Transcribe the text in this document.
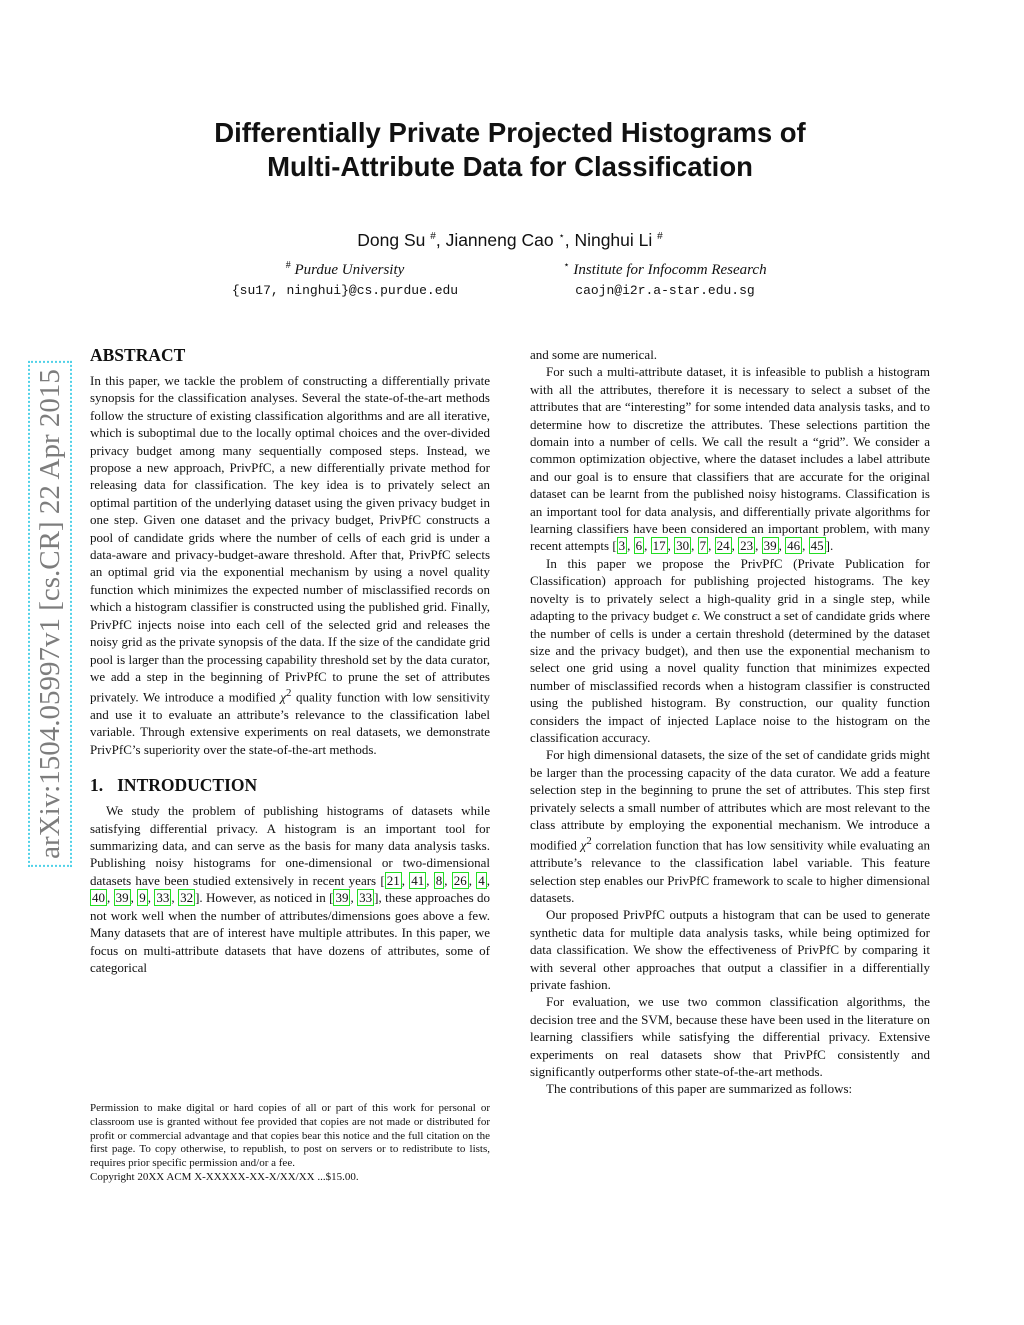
Differentially Private Projected Histograms of
Multi-Attribute Data for Classification
Dong Su #, Jianneng Cao ⋆, Ninghui Li #
# Purdue University
{su17, ninghui}@cs.purdue.edu
⋆ Institute for Infocomm Research
caojn@i2r.a-star.edu.sg
arXiv:1504.05997v1 [cs.CR] 22 Apr 2015
ABSTRACT

In this paper, we tackle the problem of constructing a differentially private synopsis for the classification analyses. Several the state-of-the-art methods follow the structure of existing classification algorithms and are all iterative, which is suboptimal due to the locally optimal choices and the over-divided privacy budget among many sequentially composed steps. Instead, we propose a new approach, PrivPfC, a new differentially private method for releasing data for classification. The key idea is to privately select an optimal partition of the underlying dataset using the given privacy budget in one step. Given one dataset and the privacy budget, PrivPfC constructs a pool of candidate grids where the number of cells of each grid is under a data-aware and privacy-budget-aware threshold. After that, PrivPfC selects an optimal grid via the exponential mechanism by using a novel quality function which minimizes the expected number of misclassified records on which a histogram classifier is constructed using the published grid. Finally, PrivPfC injects noise into each cell of the selected grid and releases the noisy grid as the private synopsis of the data. If the size of the candidate grid pool is larger than the processing capability threshold set by the data curator, we add a step in the beginning of PrivPfC to prune the set of attributes privately. We introduce a modified $\chi^2$ quality function with low sensitivity and use it to evaluate an attribute’s relevance to the classification label variable. Through extensive experiments on real datasets, we demonstrate PrivPfC’s superiority over the state-of-the-art methods.

1. INTRODUCTION

We study the problem of publishing histograms of datasets while satisfying differential privacy. A histogram is an important tool for summarizing data, and can serve as the basis for many data analysis tasks. Publishing noisy histograms for one-dimensional or two-dimensional datasets have been studied extensively in recent years [ 21 , 41 , 8 , 26 , 4 , 40 , 39 , 9 , 33 , 32 ]. However, as noticed in [ 39 , 33 ], these approaches do not work well when the number of attributes/dimensions goes above a few. Many datasets that are of interest have multiple attributes. In this paper, we focus on multi-attribute datasets that have dozens of attributes, some of categorical

and some are numerical.

For such a multi-attribute dataset, it is infeasible to publish a histogram with all the attributes, therefore it is necessary to select a subset of the attributes that are “interesting” for some intended data analysis tasks, and to determine how to discretize the attributes. These selections partition the domain into a number of cells. We call the result a “grid”. We consider a common optimization objective, where the dataset includes a label attribute and our goal is to ensure that classifiers that are accurate for the original dataset can be learnt from the published noisy histograms. Classification is an important tool for data analysis, and differentially private algorithms for learning classifiers have been considered an important problem, with many recent attempts [ 3 , 6 , 17 , 30 , 7 , 24 , 23 , 39 , 46 , 45 ].

In this paper we propose the PrivPfC (Private Publication for Classification) approach for publishing projected histograms. The key novelty is to privately select a high-quality grid in a single step, while adapting to the privacy budget ϵ. We construct a set of candidate grids where the number of cells is under a certain threshold (determined by the dataset size and the privacy budget), and then use the exponential mechanism to select one grid using a novel quality function that minimizes expected number of misclassified records when a histogram classifier is constructed using the published histogram. By construction, our quality function considers the impact of injected Laplace noise to the histogram on the classification accuracy.

For high dimensional datasets, the size of the set of candidate grids might be larger than the processing capacity of the data curator. We add a feature selection step in the beginning to prune the set of attributes. This step first privately selects a small number of attributes which are most relevant to the class attribute by employing the exponential mechanism. We introduce a modified $\chi^2$ correlation function that has low sensitivity while evaluating an attribute’s relevance to the classification label variable. This feature selection step enables our PrivPfC framework to scale to higher dimensional datasets.

Our proposed PrivPfC outputs a histogram that can be used to generate synthetic data for multiple data analysis tasks, while being optimized for data classification. We show the effectiveness of PrivPfC by comparing it with several other approaches that output a classifier in a differentially private fashion.

For evaluation, we use two common classification algorithms, the decision tree and the SVM, because these have been used in the literature on learning classifiers while satisfying the differential privacy. Extensive experiments on real datasets show that PrivPfC consistently and significantly outperforms other state-of-the-art methods.

The contributions of this paper are summarized as follows:

Permission to make digital or hard copies of all or part of this work for personal or classroom use is granted without fee provided that copies are not made or distributed for profit or commercial advantage and that copies bear this notice and the full citation on the first page. To copy otherwise, to republish, to post on servers or to redistribute to lists, requires prior specific permission and/or a fee.

Copyright 20XX ACM X-XXXXX-XX-X/XX/XX ...$15.00.
